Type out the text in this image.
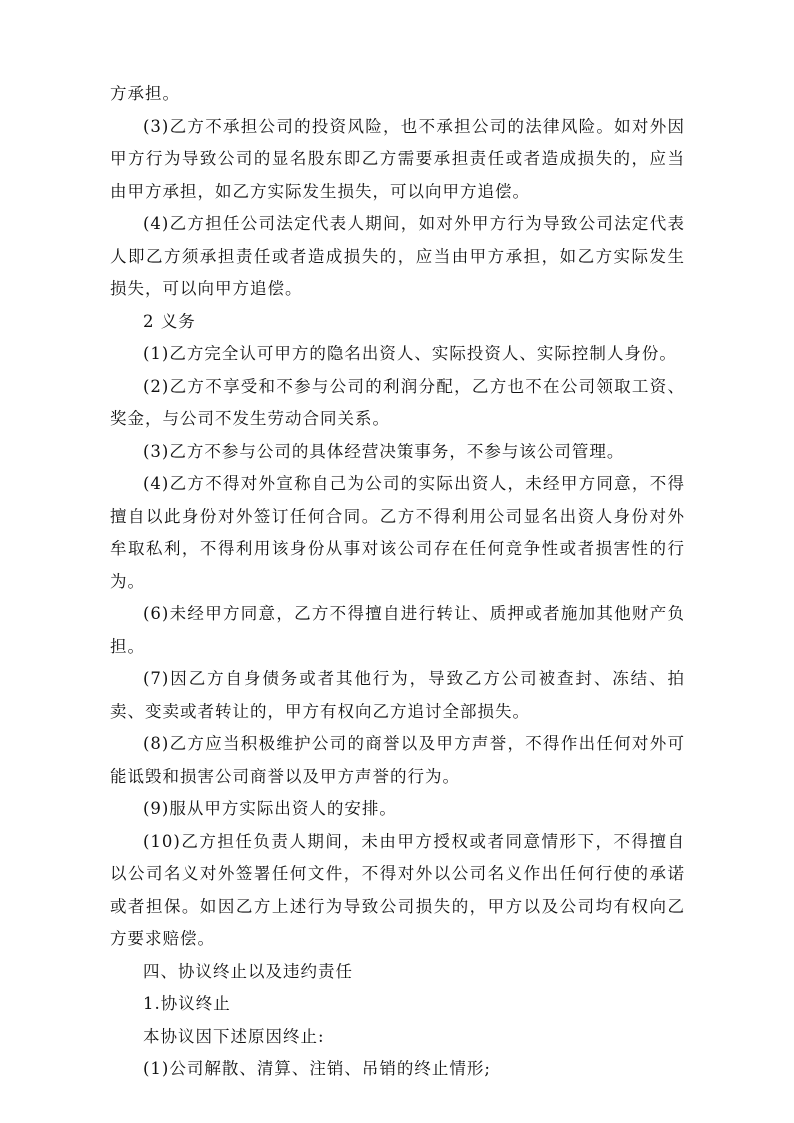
方承担。

(3)乙方不承担公司的投资风险，也不承担公司的法律风险。如对外因甲方行为导致公司的显名股东即乙方需要承担责任或者造成损失的，应当由甲方承担，如乙方实际发生损失，可以向甲方追偿。

(4)乙方担任公司法定代表人期间，如对外甲方行为导致公司法定代表人即乙方须承担责任或者造成损失的，应当由甲方承担，如乙方实际发生损失，可以向甲方追偿。

2 义务

(1)乙方完全认可甲方的隐名出资人、实际投资人、实际控制人身份。

(2)乙方不享受和不参与公司的利润分配，乙方也不在公司领取工资、奖金，与公司不发生劳动合同关系。

(3)乙方不参与公司的具体经营决策事务，不参与该公司管理。

(4)乙方不得对外宣称自己为公司的实际出资人，未经甲方同意，不得擅自以此身份对外签订任何合同。乙方不得利用公司显名出资人身份对外牟取私利，不得利用该身份从事对该公司存在任何竞争性或者损害性的行为。

(6)未经甲方同意，乙方不得擅自进行转让、质押或者施加其他财产负担。

(7)因乙方自身债务或者其他行为，导致乙方公司被查封、冻结、拍卖、变卖或者转让的，甲方有权向乙方追讨全部损失。

(8)乙方应当积极维护公司的商誉以及甲方声誉，不得作出任何对外可能诋毁和损害公司商誉以及甲方声誉的行为。

(9)服从甲方实际出资人的安排。

(10)乙方担任负责人期间，未由甲方授权或者同意情形下，不得擅自以公司名义对外签署任何文件，不得对外以公司名义作出任何行使的承诺或者担保。如因乙方上述行为导致公司损失的，甲方以及公司均有权向乙方要求赔偿。

四、协议终止以及违约责任

1.协议终止

本协议因下述原因终止:

(1)公司解散、清算、注销、吊销的终止情形;
